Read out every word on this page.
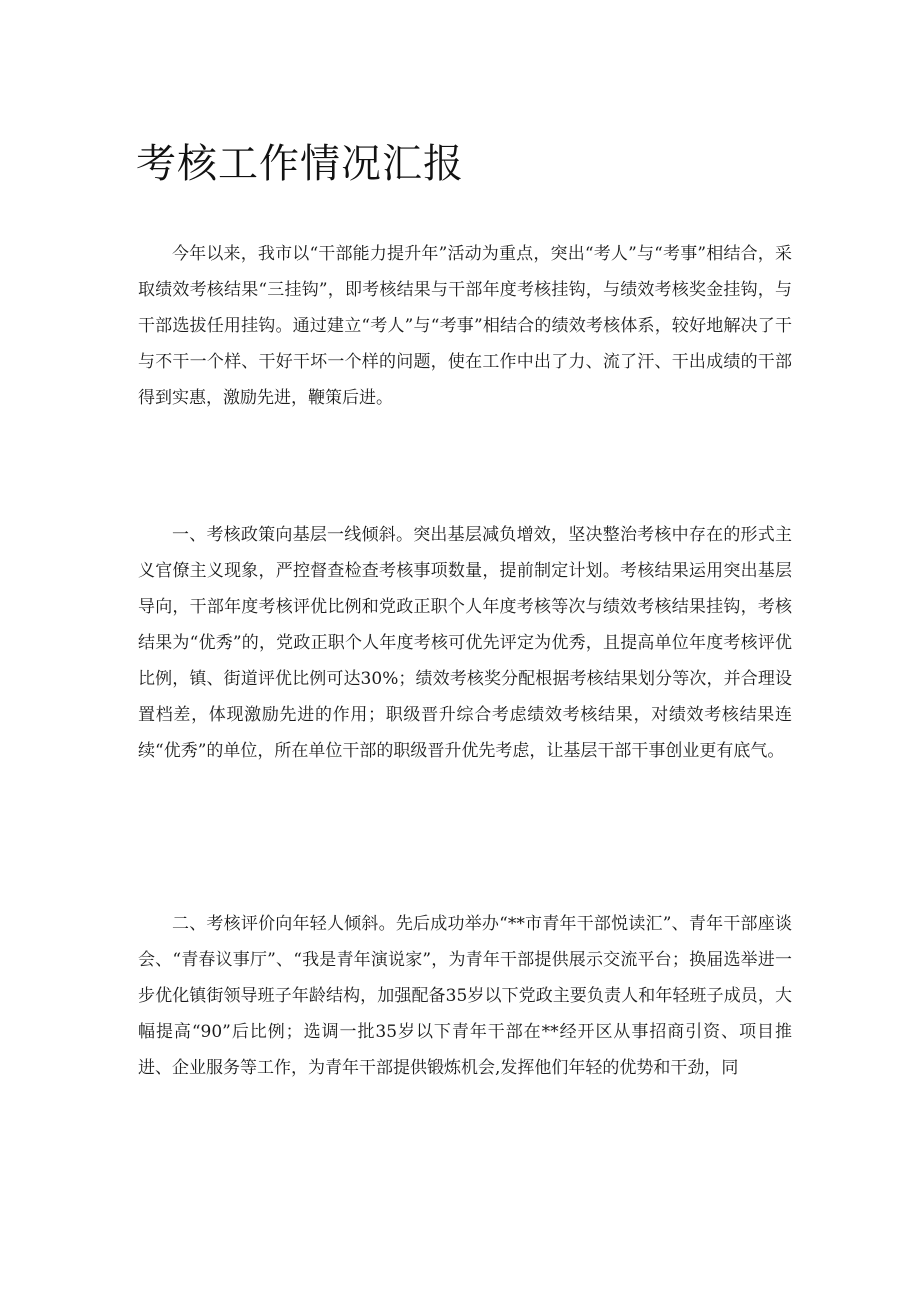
考核工作情况汇报

今年以来，我市以“干部能力提升年”活动为重点，突出“考人”与“考事”相结合，采取绩效考核结果“三挂钩”，即考核结果与干部年度考核挂钩，与绩效考核奖金挂钩，与干部选拔任用挂钩。通过建立“考人”与“考事”相结合的绩效考核体系，较好地解决了干与不干一个样、干好干坏一个样的问题，使在工作中出了力、流了汗、干出成绩的干部得到实惠，激励先进，鞭策后进。

一、考核政策向基层一线倾斜。突出基层减负增效，坚决整治考核中存在的形式主义官僚主义现象，严控督查检查考核事项数量，提前制定计划。考核结果运用突出基层导向，干部年度考核评优比例和党政正职个人年度考核等次与绩效考核结果挂钩，考核结果为“优秀”的，党政正职个人年度考核可优先评定为优秀，且提高单位年度考核评优比例，镇、街道评优比例可达30%；绩效考核奖分配根据考核结果划分等次，并合理设置档差，体现激励先进的作用；职级晋升综合考虑绩效考核结果，对绩效考核结果连续“优秀”的单位，所在单位干部的职级晋升优先考虑，让基层干部干事创业更有底气。

二、考核评价向年轻人倾斜。先后成功举办“**市青年干部悦读汇”、青年干部座谈会、“青春议事厅”、“我是青年演说家”，为青年干部提供展示交流平台；换届选举进一步优化镇街领导班子年龄结构，加强配备35岁以下党政主要负责人和年轻班子成员，大幅提高“90”后比例；选调一批35岁以下青年干部在**经开区从事招商引资、项目推进、企业服务等工作，为青年干部提供锻炼机会,发挥他们年轻的优势和干劲，同
